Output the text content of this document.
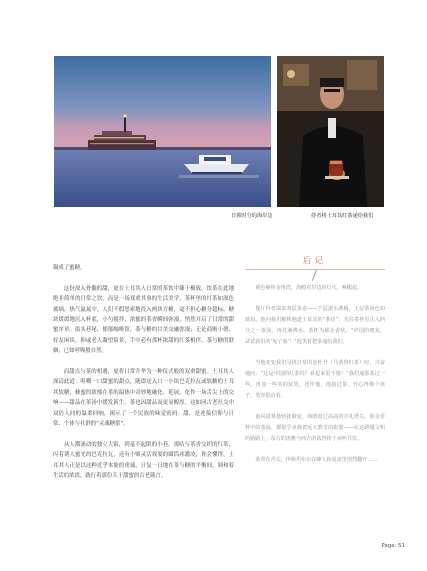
日暮时分的海岸边	侍者将土耳其红茶递给我们

凝成了蜜糖。

这份深入骨髓的甜，更在土耳其人日常的茶饮中臻于极致。饮茶在此地绝非简单的日常之饮，而是一场郑重其事的生活美学。茶杯里的红茶如深色玻璃，热气氤氲中，人们不假思索地投入两块方糖，毫不担心糖分超标。糖块缓缓地沉入杯底，小勺搅拌，浓郁的茶香瞬间弥漫，悄然开启了日常的甜蜜序章。街头巷尾、郁郁咖啡馆，茶与糖的甘美交融弥漫；无论商贩小憩、好友闲谈，抑或老人凝望街景，手中必有那杯浓甜的红茶相伴。茶与糖的联姻，已如呼吸般自然。

而甜点与茶的相遇，更将日常升华为一种仪式般的双重甜蜜。土耳其人深谙此道：咀嚼一口甜蜜的甜点，随即送入口一小块巴克拉瓦或软糖的土耳其软糖，蜂蜜的浓郁在茶的温热中奇妙地融化、延展，化作一场舌尖上的交响——甜品在茶汤中缓发新生，茶也因甜品而更显醇厚。这如同古老社交中双倍人间的温柔回响，揭示了一个民族的味觉密码：甜，是连接信仰与日常、个体与社群的“灵魂糖浆”。

从人潮涌动的独立大街，到毫不起眼的小巷，那咕与茶香交织的红茶，闪着诱人蜜光的巴克拉瓦，还有小贩灵活戏耍的圆筒冰激凌，你会懂得，土耳其人正是以这种近乎本能的虔诚，日复一日地在茶与糖的平衡间，调和着生活的浓淡，践行着那份关于甜蜜的古老箴言。

后记

暮色裹挟金角湾，海鸥对岸边的灯火，唤醒起。

餐厅侍者端来双层茶壶——下层滚水沸腾，上层茶汤色如琥珀。他向我们解释地道土耳其的“茶语”：先往茶杯里注入四分之一茶汤，再兑满沸水。茶杯为郁金香状。“中国的朋友，试试我们的‘兔子血’！”他笑着把茶递给我们。

当他变变我们寻找日常的金杜升（马蒂鲁红茶）时，兴奋地问：“这是中国的红茶吗？看起来很不错！”我们递那茶过一些，再加一些笑的玩笑，还作他，他接过茶，开心得像个孩子，笑容很动着。

南风晨雾悬轻抚脸庞，海鸥盘过高高的宣礼塔尖。那金香杯中的茶温，都似乎承载着远大教堂的影窗——在这跨越文明的路路上，东方的清雅与西方的浓烈终于举杯共饮。

茶香在舌尖，伊斯坦布尔在蜂人和夏夜里悄然翻开……

Page: 51
